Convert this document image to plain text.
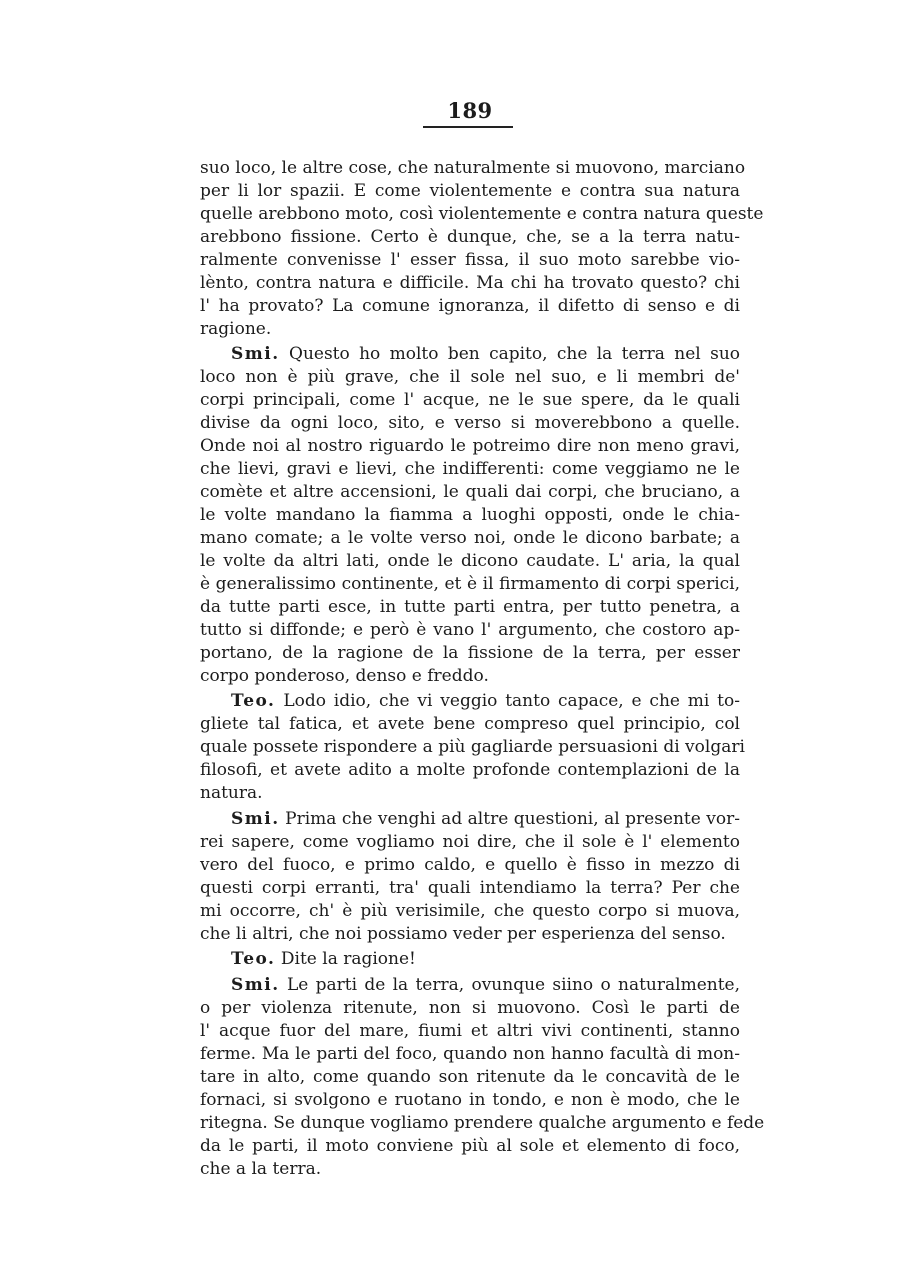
189
suo loco, le altre cose, che naturalmente si muovono, marciano
per li lor spazii. E come violentemente e contra sua natura
quelle arebbono moto, così violentemente e contra natura queste
arebbono fissione. Certo è dunque, che, se a la terra natu-
ralmente convenisse l' esser fissa, il suo moto sarebbe vio-
lènto, contra natura e difficile. Ma chi ha trovato questo? chi
l' ha provato? La comune ignoranza, il difetto di senso e di
ragione.
Smi. Questo ho molto ben capito, che la terra nel suo
loco non è più grave, che il sole nel suo, e li membri de'
corpi principali, come l' acque, ne le sue spere, da le quali
divise da ogni loco, sito, e verso si moverebbono a quelle.
Onde noi al nostro riguardo le potreimo dire non meno gravi,
che lievi, gravi e lievi, che indifferenti: come veggiamo ne le
comète et altre accensioni, le quali dai corpi, che bruciano, a
le volte mandano la fiamma a luoghi opposti, onde le chia-
mano comate; a le volte verso noi, onde le dicono barbate; a
le volte da altri lati, onde le dicono caudate. L' aria, la qual
è generalissimo continente, et è il firmamento di corpi sperici,
da tutte parti esce, in tutte parti entra, per tutto penetra, a
tutto si diffonde; e però è vano l' argumento, che costoro ap-
portano, de la ragione de la fissione de la terra, per esser
corpo ponderoso, denso e freddo.
Teo. Lodo idio, che vi veggio tanto capace, e che mi to-
gliete tal fatica, et avete bene compreso quel principio, col
quale possete rispondere a più gagliarde persuasioni di volgari
filosofi, et avete adito a molte profonde contemplazioni de la
natura.
Smi. Prima che venghi ad altre questioni, al presente vor-
rei sapere, come vogliamo noi dire, che il sole è l' elemento
vero del fuoco, e primo caldo, e quello è fisso in mezzo di
questi corpi erranti, tra' quali intendiamo la terra? Per che
mi occorre, ch' è più verisimile, che questo corpo si muova,
che li altri, che noi possiamo veder per esperienza del senso.
Teo. Dite la ragione!
Smi. Le parti de la terra, ovunque siino o naturalmente,
o per violenza ritenute, non si muovono. Così le parti de
l' acque fuor del mare, fiumi et altri vivi continenti, stanno
ferme. Ma le parti del foco, quando non hanno facultà di mon-
tare in alto, come quando son ritenute da le concavità de le
fornaci, si svolgono e ruotano in tondo, e non è modo, che le
ritegna. Se dunque vogliamo prendere qualche argumento e fede
da le parti, il moto conviene più al sole et elemento di foco,
che a la terra.
